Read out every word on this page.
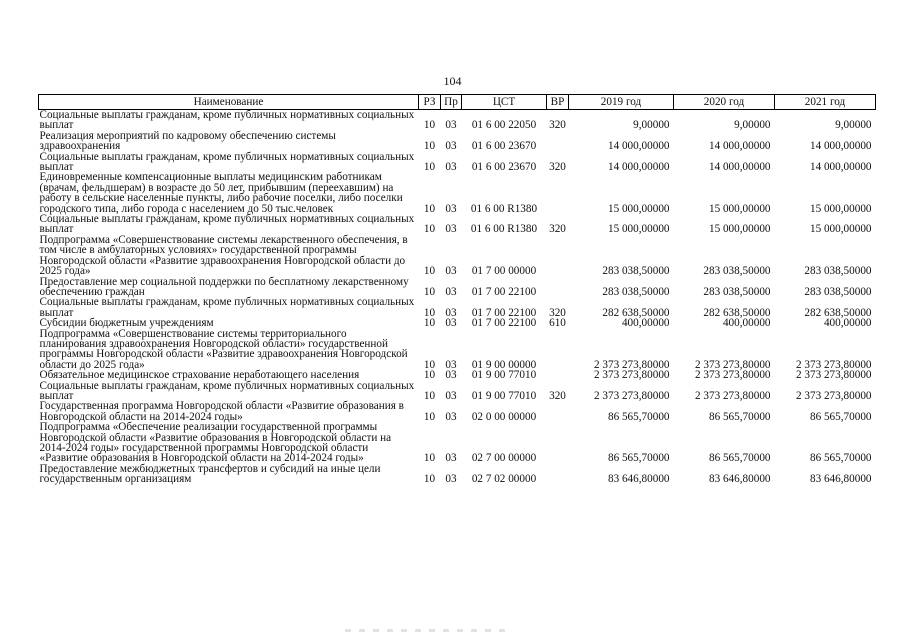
104
Наименование	РЗ	Пр	ЦСТ	ВР	2019 год	2020 год	2021 год
Социальные выплаты гражданам, кроме публичных нормативных социальных выплат	10	03	01 6 00 22050	320	9,00000	9,00000	9,00000
Реализация мероприятий по кадровому обеспечению системы здравоохранения	10	03	01 6 00 23670		14 000,00000	14 000,00000	14 000,00000
Социальные выплаты гражданам, кроме публичных нормативных социальных выплат	10	03	01 6 00 23670	320	14 000,00000	14 000,00000	14 000,00000
Единовременные компенсационные выплаты медицинским работникам (врачам, фельдшерам) в возрасте до 50 лет, прибывшим (переехавшим) на работу в сельские населенные пункты, либо рабочие поселки, либо поселки городского типа, либо города с населением до 50 тыс.человек	10	03	01 6 00 R1380		15 000,00000	15 000,00000	15 000,00000
Социальные выплаты гражданам, кроме публичных нормативных социальных выплат	10	03	01 6 00 R1380	320	15 000,00000	15 000,00000	15 000,00000
Подпрограмма «Совершенствование системы лекарственного обеспечения, в том числе в амбулаторных условиях» государственной программы Новгородской области «Развитие здравоохранения Новгородской области до 2025 года»	10	03	01 7 00 00000		283 038,50000	283 038,50000	283 038,50000
Предоставление мер социальной поддержки по бесплатному лекарственному обеспечению граждан	10	03	01 7 00 22100		283 038,50000	283 038,50000	283 038,50000
Социальные выплаты гражданам, кроме публичных нормативных социальных выплат	10	03	01 7 00 22100	320	282 638,50000	282 638,50000	282 638,50000
Субсидии бюджетным учреждениям	10	03	01 7 00 22100	610	400,00000	400,00000	400,00000
Подпрограмма «Совершенствование системы территориального планирования здравоохранения Новгородской области» государственной программы Новгородской области «Развитие здравоохранения Новгородской области до 2025 года»	10	03	01 9 00 00000		2 373 273,80000	2 373 273,80000	2 373 273,80000
Обязательное медицинское страхование неработающего населения	10	03	01 9 00 77010		2 373 273,80000	2 373 273,80000	2 373 273,80000
Социальные выплаты гражданам, кроме публичных нормативных социальных выплат	10	03	01 9 00 77010	320	2 373 273,80000	2 373 273,80000	2 373 273,80000
Государственная программа Новгородской области «Развитие образования в Новгородской области на 2014-2024 годы»	10	03	02 0 00 00000		86 565,70000	86 565,70000	86 565,70000
Подпрограмма «Обеспечение реализации государственной программы Новгородской области «Развитие образования в Новгородской области на 2014-2024 годы» государственной программы Новгородской области «Развитие образования в Новгородской области на 2014-2024 годы»	10	03	02 7 00 00000		86 565,70000	86 565,70000	86 565,70000
Предоставление межбюджетных трансфертов и субсидий на иные цели государственным организациям	10	03	02 7 02 00000		83 646,80000	83 646,80000	83 646,80000
